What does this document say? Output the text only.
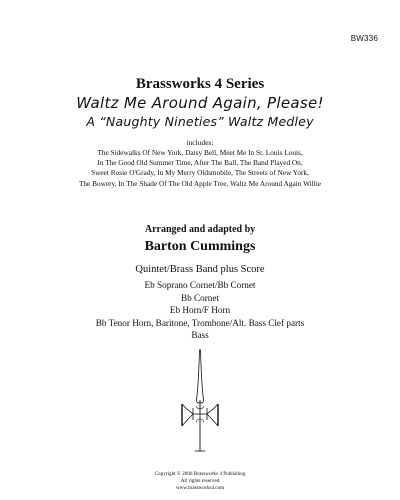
BW336
Brassworks 4 Series
Waltz Me Around Again, Please!
A “Naughty Nineties” Waltz Medley
includes:
The Sidewalks Of New York, Daisy Bell, Meet Me In St. Louis Louis,
In The Good Old Summer Time, After The Ball, The Band Played On,
Sweet Rosie O'Grady, In My Merry Oldsmobile, The Streets of New York,
The Bowery, In The Shade Of The Old Apple Tree, Waltz Me Around Again Willie
Arranged and adapted by
Barton Cummings
Quintet/Brass Band plus Score
Eb Soprano Cornet/Bb Cornet
Bb Cornet
Eb Horn/F Horn
Bb Tenor Horn, Baritone, Trombone/Alt. Bass Clef parts
Bass
Copyright © 2006 Brassworks 4 Publishing
All rights reserved
www.brassworks4.com
